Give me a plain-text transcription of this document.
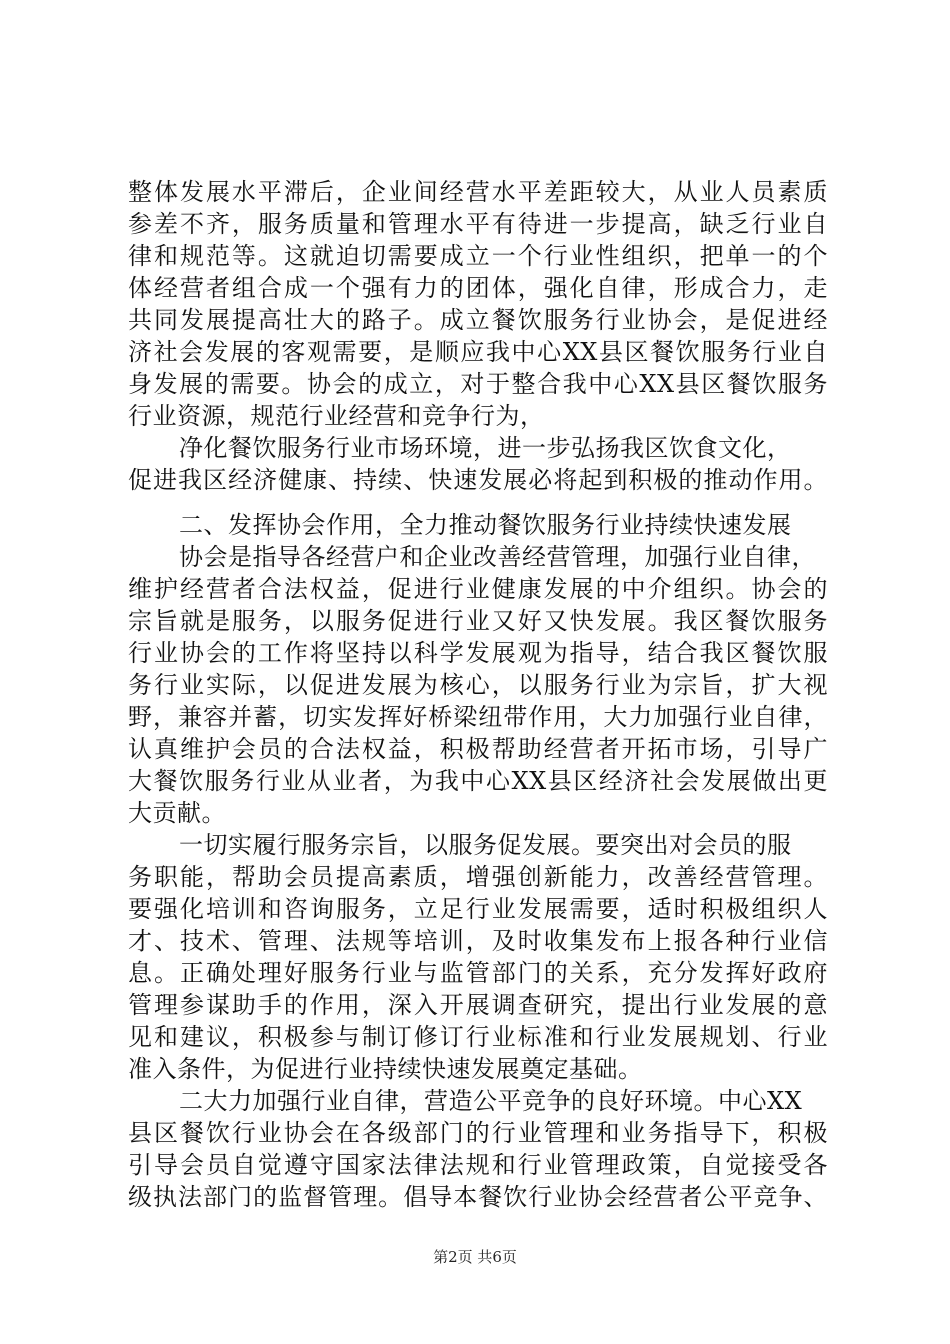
整体发展水平滞后，企业间经营水平差距较大，从业人员素质
参差不齐，服务质量和管理水平有待进一步提高，缺乏行业自
律和规范等。这就迫切需要成立一个行业性组织，把单一的个
体经营者组合成一个强有力的团体，强化自律，形成合力，走
共同发展提高壮大的路子。成立餐饮服务行业协会，是促进经
济社会发展的客观需要，是顺应我中心XX县区餐饮服务行业自
身发展的需要。协会的成立，对于整合我中心XX县区餐饮服务
行业资源，规范行业经营和竞争行为，
净化餐饮服务行业市场环境，进一步弘扬我区饮食文化，
促进我区经济健康、持续、快速发展必将起到积极的推动作用。
二、发挥协会作用，全力推动餐饮服务行业持续快速发展
协会是指导各经营户和企业改善经营管理，加强行业自律，
维护经营者合法权益，促进行业健康发展的中介组织。协会的
宗旨就是服务，以服务促进行业又好又快发展。我区餐饮服务
行业协会的工作将坚持以科学发展观为指导，结合我区餐饮服
务行业实际，以促进发展为核心，以服务行业为宗旨，扩大视
野，兼容并蓄，切实发挥好桥梁纽带作用，大力加强行业自律，
认真维护会员的合法权益，积极帮助经营者开拓市场，引导广
大餐饮服务行业从业者，为我中心XX县区经济社会发展做出更
大贡献。
一切实履行服务宗旨，以服务促发展。要突出对会员的服
务职能，帮助会员提高素质，增强创新能力，改善经营管理。
要强化培训和咨询服务，立足行业发展需要，适时积极组织人
才、技术、管理、法规等培训，及时收集发布上报各种行业信
息。正确处理好服务行业与监管部门的关系，充分发挥好政府
管理参谋助手的作用，深入开展调查研究，提出行业发展的意
见和建议，积极参与制订修订行业标准和行业发展规划、行业
准入条件，为促进行业持续快速发展奠定基础。
二大力加强行业自律，营造公平竞争的良好环境。中心XX
县区餐饮行业协会在各级部门的行业管理和业务指导下，积极
引导会员自觉遵守国家法律法规和行业管理政策，自觉接受各
级执法部门的监督管理。倡导本餐饮行业协会经营者公平竞争、
第2页 共6页
